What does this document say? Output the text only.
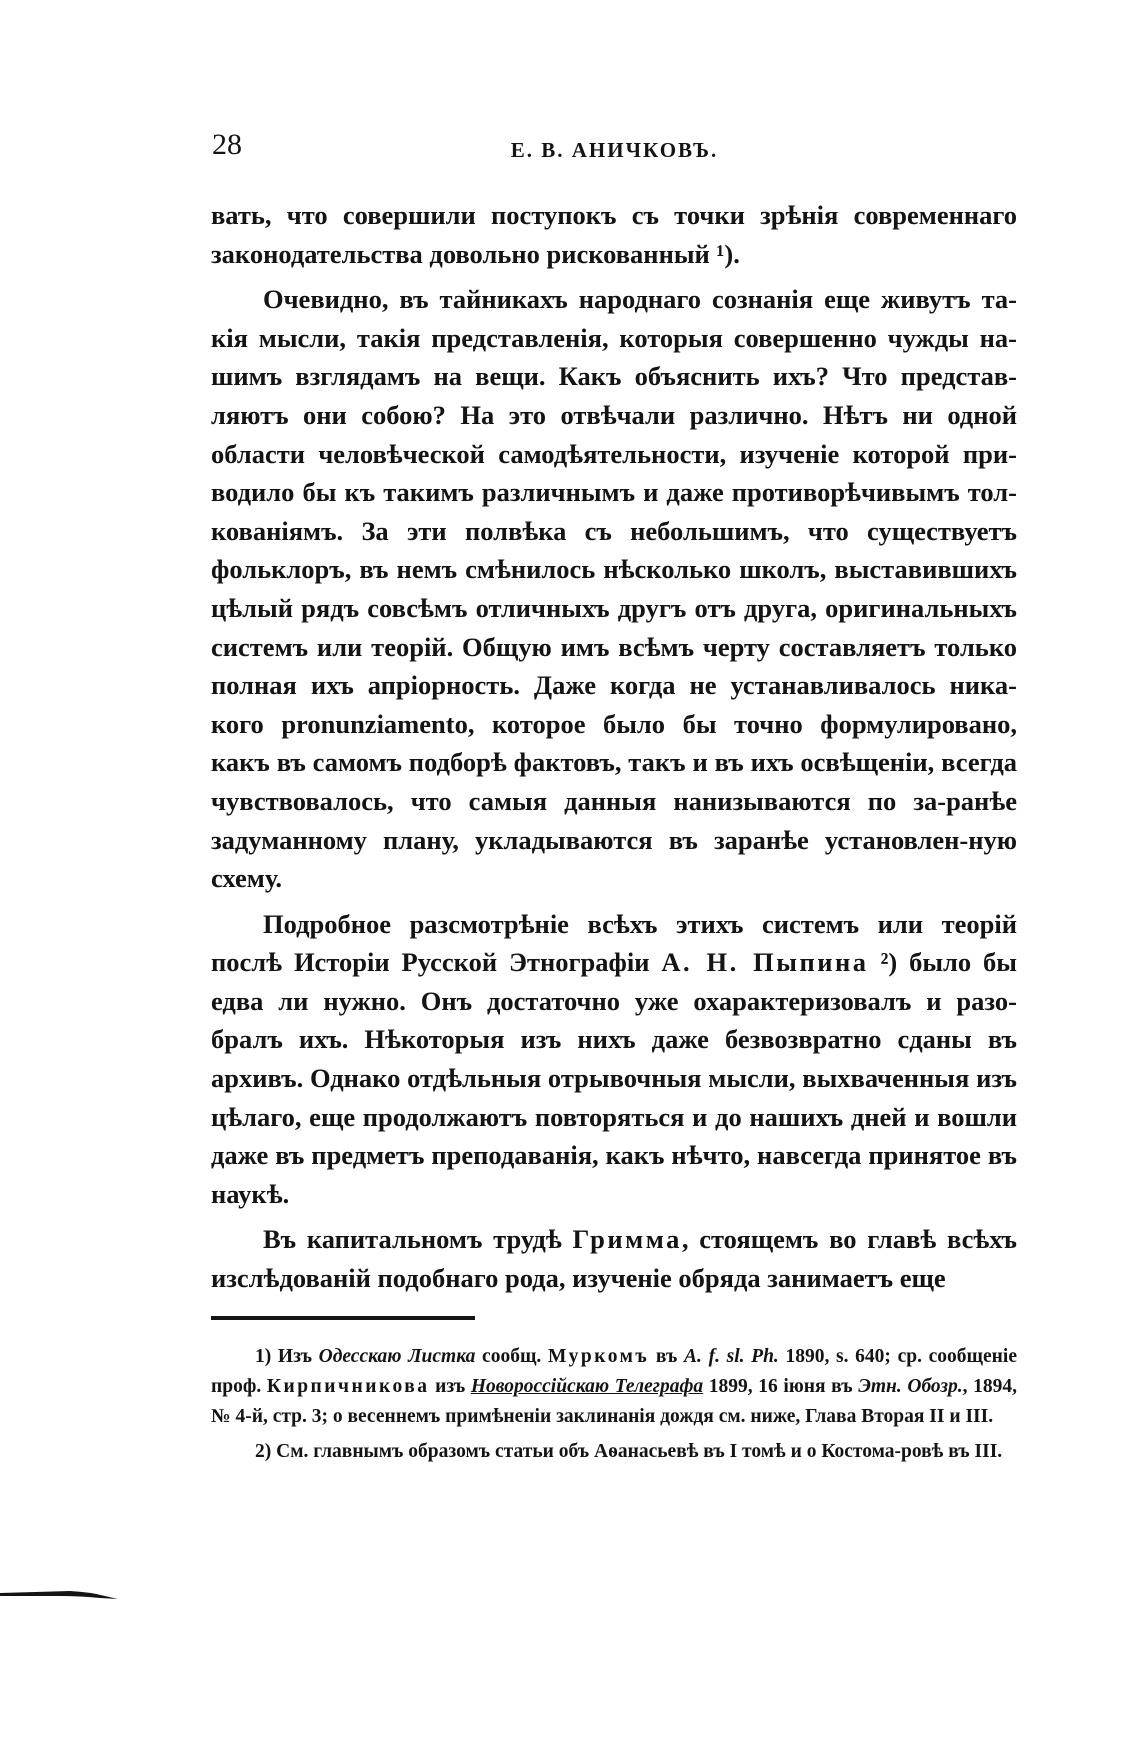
28	Е. В. АНИЧКОВЪ.

вать, что совершили поступокъ съ точки зрѣнія современнаго законодательства довольно рискованный ¹).

Очевидно, въ тайникахъ народнаго сознанія еще живутъ та-кія мысли, такія представленія, которыя совершенно чужды на-шимъ взглядамъ на вещи. Какъ объяснить ихъ? Что представ-ляютъ они собою? На это отвѣчали различно. Нѣтъ ни одной области человѣческой самодѣятельности, изученіе которой при-водило бы къ такимъ различнымъ и даже противорѣчивымъ тол-кованіямъ. За эти полвѣка съ небольшимъ, что существуетъ фольклоръ, въ немъ смѣнилось нѣсколько школъ, выставившихъ цѣлый рядъ совсѣмъ отличныхъ другъ отъ друга, оригинальныхъ системъ или теорій. Общую имъ всѣмъ черту составляетъ только полная ихъ апріорность. Даже когда не устанавливалось ника-кого pronunziamento, которое было бы точно формулировано, какъ въ самомъ подборѣ фактовъ, такъ и въ ихъ освѣщеніи, всегда чувствовалось, что самыя данныя нанизываются по за-ранѣе задуманному плану, укладываются въ заранѣе установлен-ную схему.

Подробное разсмотрѣніе всѣхъ этихъ системъ или теорій послѣ Исторіи Русской Этнографіи А. Н. Пыпина ²) было бы едва ли нужно. Онъ достаточно уже охарактеризовалъ и разо-бралъ ихъ. Нѣкоторыя изъ нихъ даже безвозвратно сданы въ архивъ. Однако отдѣльныя отрывочныя мысли, выхваченныя изъ цѣлаго, еще продолжаютъ повторяться и до нашихъ дней и вошли даже въ предметъ преподаванія, какъ нѣчто, навсегда принятое въ наукѣ.

Въ капитальномъ трудѣ Гримма, стоящемъ во главѣ всѣхъ изслѣдованій подобнаго рода, изученіе обряда занимаетъ еще

1) Изъ Одесскаю Листка сообщ. Муркомъ въ A. f. sl. Ph. 1890, s. 640; ср. сообщеніе проф. Кирпичникова изъ Новороссійскаю Телеграфа 1899, 16 іюня въ Этн. Обозр., 1894, № 4-й, стр. 3; о весеннемъ примѣненіи заклинанія дождя см. ниже, Глава Вторая II и III.

2) См. главнымъ образомъ статьи объ Аѳанасьевѣ въ I томѣ и о Костома-ровѣ въ III.
